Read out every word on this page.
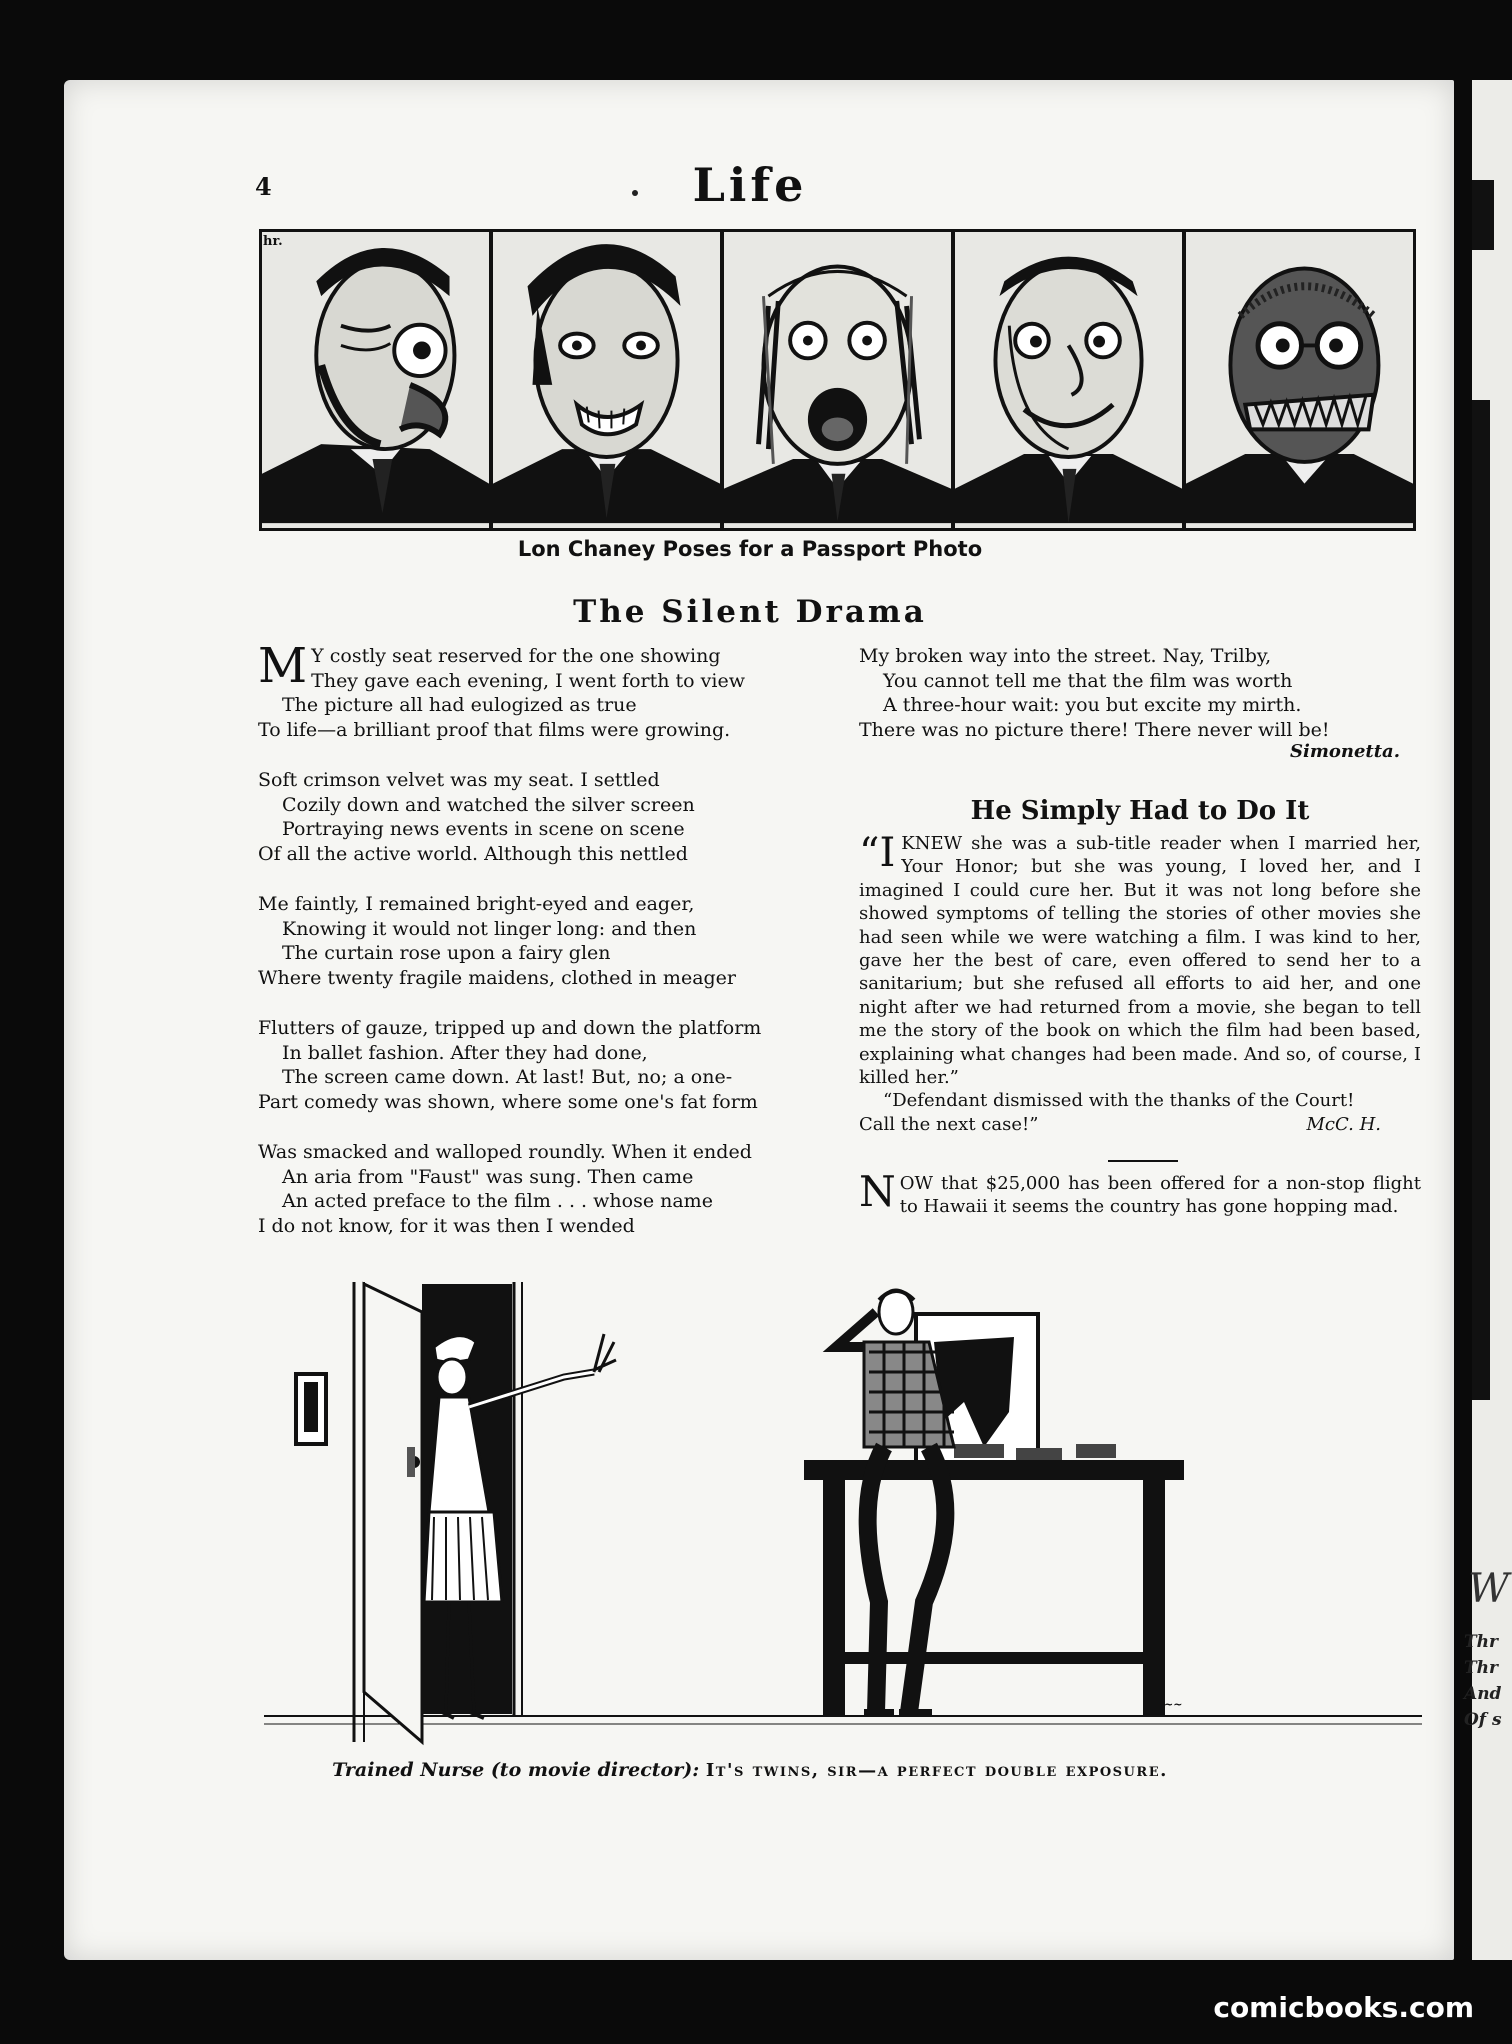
W
Thr
Thr
And
Of s
4	Life
hr.
Lon Chaney Poses for a Passport Photo
The Silent Drama
M Y costly seat reserved for the one showing
They gave each evening, I went forth to view
The picture all had eulogized as true
To life—a brilliant proof that films were growing.
Soft crimson velvet was my seat. I settled
Cozily down and watched the silver screen
Portraying news events in scene on scene
Of all the active world. Although this nettled
Me faintly, I remained bright-eyed and eager,
Knowing it would not linger long: and then
The curtain rose upon a fairy glen
Where twenty fragile maidens, clothed in meager
Flutters of gauze, tripped up and down the platform
In ballet fashion. After they had done,
The screen came down. At last! But, no; a one-
Part comedy was shown, where some one's fat form
Was smacked and walloped roundly. When it ended
An aria from "Faust" was sung. Then came
An acted preface to the film . . . whose name
I do not know, for it was then I wended
My broken way into the street. Nay, Trilby,
You cannot tell me that the film was worth
A three-hour wait: you but excite my mirth.
There was no picture there! There never will be!
Simonetta.
He Simply Had to Do It

“I KNEW she was a sub-title reader when I married her, Your Honor; but she was young, I loved her, and I imagined I could cure her. But it was not long before she showed symptoms of telling the stories of other movies she had seen while we were watching a film. I was kind to her, gave her the best of care, even offered to send her to a sanitarium; but she refused all efforts to aid her, and one night after we had returned from a movie, she began to tell me the story of the book on which the film had been based, explaining what changes had been made. And so, of course, I killed her.”

“Defendant dismissed with the thanks of the Court!

Call the next case!”	McC. H.
N OW that $25,000 has been offered for a non-stop flight to Hawaii it seems the country has gone hopping mad.
~~
Trained Nurse (to movie director): It's twins, sir—a perfect double exposure.
comicbooks.com
